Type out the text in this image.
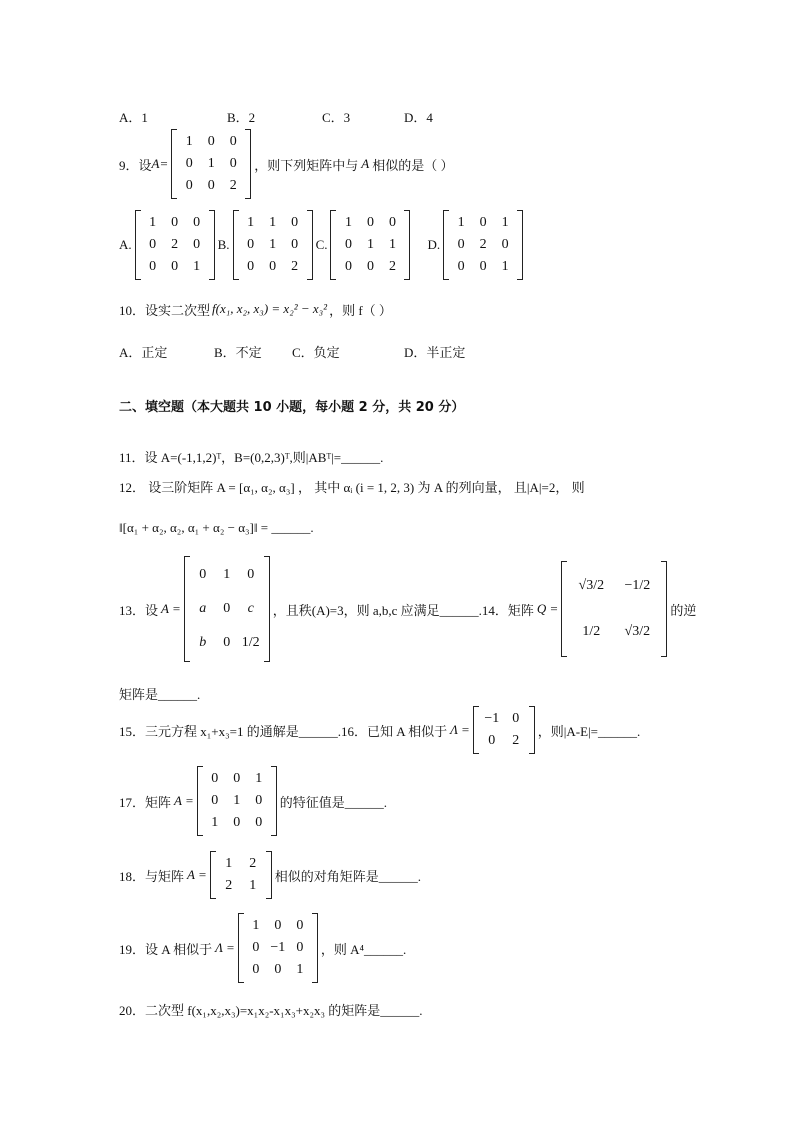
A．1	B．2	C．3	D．4
9．设 A=
1	0	0
0	1	0
0	0	2
，则下列矩阵中与 A 相似的是（ ）
A.
1	0	0
0	2	0
0	0	1
B.
1	1	0
0	1	0
0	0	2
C.
1	0	0
0	1	1
0	0	2
D.
1	0	1
0	2	0
0	0	1
10．设实二次型 f(x₁, x₂, x₃) = x₂² − x₃² ，则 f（ ）
A．正定	B．不定 C．负定	D．半正定
二、填空题（本大题共 10 小题，每小题 2 分，共 20 分）
11．设 A=(-1,1,2)ᵀ，B=(0,2,3)ᵀ,则|ABᵀ|=______.
12． 设三阶矩阵 A = [α₁, α₂, α₃] ， 其中 αᵢ (i = 1, 2, 3) 为 A 的列向量， 且|A|=2， 则
‖[α₁ + α₂, α₂, α₁ + α₂ − α₃]‖ = ______.
13．设 A =
0	1	0
a	0	c
b	0 1/2
，且秩(A)=3，则 a,b,c 应满足______.14．矩阵 Q =
√3/2	−1/2
1/2	√3/2
的逆
矩阵是______.
15．三元方程 x₁+x₃=1 的通解是______.16．已知 A 相似于 Λ =
−1 0
0	2
，则|A-E|=______.
17．矩阵 A =
0	0	1
0	1	0
1	0	0
的特征值是______.
18．与矩阵 A =
1	2
2	1
相似的对角矩阵是______.
19．设 A 相似于 Λ =
1	0	0
0 −1 0
0	0	1
，则 A⁴______.
20．二次型 f(x₁,x₂,x₃)=x₁x₂-x₁x₃+x₂x₃ 的矩阵是______.
